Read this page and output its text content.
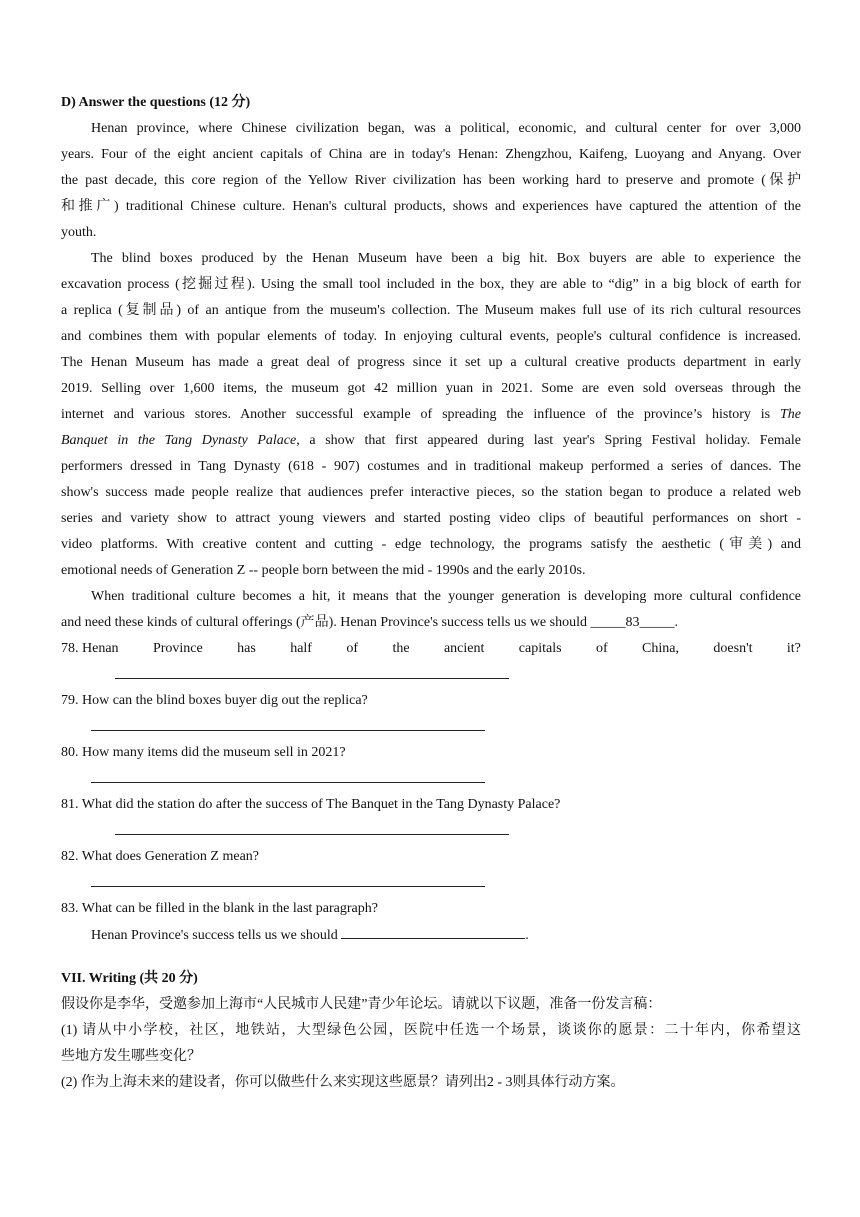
D) Answer the questions (12 分)
Henan province, where Chinese civilization began, was a political, economic, and cultural center for over 3,000
years. Four of the eight ancient capitals of China are in today's Henan: Zhengzhou, Kaifeng, Luoyang and Anyang. Over
the past decade, this core region of the Yellow River civilization has been working hard to preserve and promote (保护
和推广) traditional Chinese culture. Henan's cultural products, shows and experiences have captured the attention of the
youth.
The blind boxes produced by the Henan Museum have been a big hit. Box buyers are able to experience the
excavation process (挖掘过程). Using the small tool included in the box, they are able to “dig” in a big block of earth for
a replica (复制品) of an antique from the museum's collection. The Museum makes full use of its rich cultural resources
and combines them with popular elements of today. In enjoying cultural events, people's cultural confidence is increased.
The Henan Museum has made a great deal of progress since it set up a cultural creative products department in early
2019. Selling over 1,600 items, the museum got 42 million yuan in 2021. Some are even sold overseas through the
internet and various stores. Another successful example of spreading the influence of the province’s history is The
Banquet in the Tang Dynasty Palace, a show that first appeared during last year's Spring Festival holiday. Female
performers dressed in Tang Dynasty (618 - 907) costumes and in traditional makeup performed a series of dances. The
show's success made people realize that audiences prefer interactive pieces, so the station began to produce a related web
series and variety show to attract young viewers and started posting video clips of beautiful performances on short -
video platforms. With creative content and cutting - edge technology, the programs satisfy the aesthetic (审美) and
emotional needs of Generation Z -- people born between the mid - 1990s and the early 2010s.
When traditional culture becomes a hit, it means that the younger generation is developing more cultural confidence
and need these kinds of cultural offerings (产品). Henan Province's success tells us we should _____83_____.
78. Henan Province has half of the ancient capitals of China, doesn't it?
79. How can the blind boxes buyer dig out the replica?
80. How many items did the museum sell in 2021?
81. What did the station do after the success of The Banquet in the Tang Dynasty Palace?
82. What does Generation Z mean?
83. What can be filled in the blank in the last paragraph?
Henan Province's success tells us we should	.
VII. Writing (共 20 分)
假设你是李华，受邀参加上海市“人民城市人民建”青少年论坛。请就以下议题，准备一份发言稿：
(1) 请从中小学校，社区，地铁站，大型绿色公园，医院中任选一个场景，谈谈你的愿景：二十年内，你希望这
些地方发生哪些变化？
(2) 作为上海未来的建设者，你可以做些什么来实现这些愿景？请列出2 - 3则具体行动方案。
